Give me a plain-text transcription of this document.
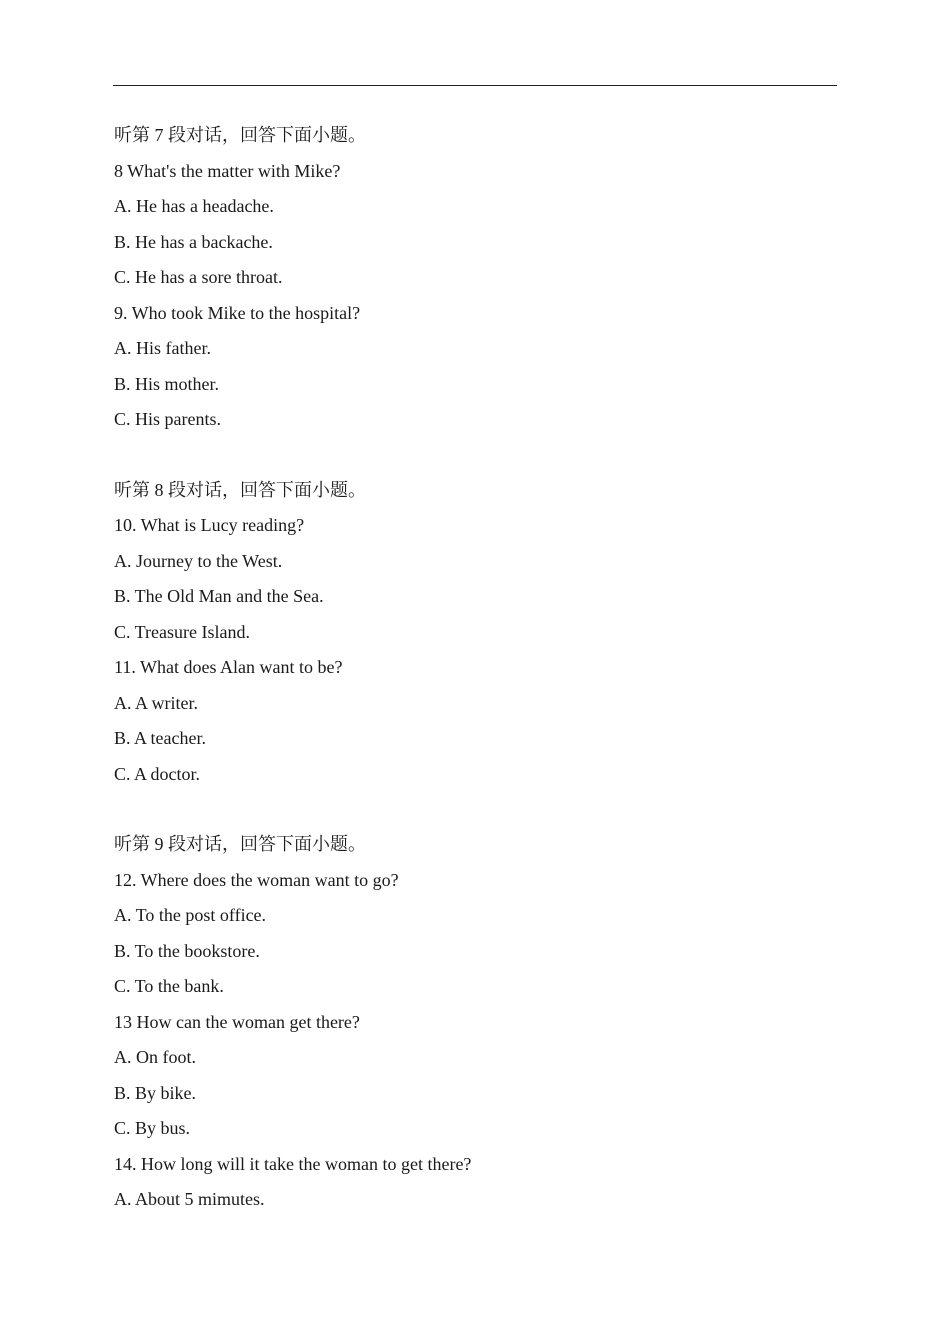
听第 7 段对话，回答下面小题。
8 What's the matter with Mike?
A. He has a headache.
B. He has a backache.
C. He has a sore throat.
9. Who took Mike to the hospital?
A. His father.
B. His mother.
C. His parents.
听第 8 段对话，回答下面小题。
10. What is Lucy reading?
A. Journey to the West.
B. The Old Man and the Sea.
C. Treasure Island.
11. What does Alan want to be?
A. A writer.
B. A teacher.
C. A doctor.
听第 9 段对话，回答下面小题。
12. Where does the woman want to go?
A. To the post office.
B. To the bookstore.
C. To the bank.
13 How can the woman get there?
A. On foot.
B. By bike.
C. By bus.
14. How long will it take the woman to get there?
A. About 5 mimutes.
